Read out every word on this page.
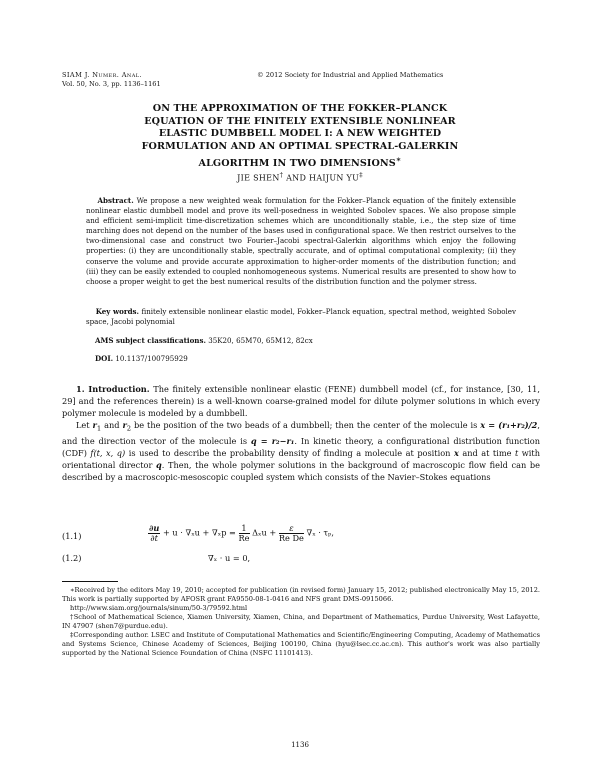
SIAM J. Numer. Anal.
Vol. 50, No. 3, pp. 1136–1161
© 2012 Society for Industrial and Applied Mathematics
ON THE APPROXIMATION OF THE FOKKER–PLANCK
EQUATION OF THE FINITELY EXTENSIBLE NONLINEAR
ELASTIC DUMBBELL MODEL I: A NEW WEIGHTED
FORMULATION AND AN OPTIMAL SPECTRAL-GALERKIN
ALGORITHM IN TWO DIMENSIONS∗
JIE SHEN† AND HAIJUN YU‡
Abstract. We propose a new weighted weak formulation for the Fokker–Planck equation of the finitely extensible nonlinear elastic dumbbell model and prove its well-posedness in weighted Sobolev spaces. We also propose simple and efficient semi-implicit time-discretization schemes which are unconditionally stable, i.e., the step size of time marching does not depend on the number of the bases used in configurational space. We then restrict ourselves to the two-dimensional case and construct two Fourier–Jacobi spectral-Galerkin algorithms which enjoy the following properties: (i) they are unconditionally stable, spectrally accurate, and of optimal computational complexity; (ii) they conserve the volume and provide accurate approximation to higher-order moments of the distribution function; and (iii) they can be easily extended to coupled nonhomogeneous systems. Numerical results are presented to show how to choose a proper weight to get the best numerical results of the distribution function and the polymer stress.
Key words. finitely extensible nonlinear elastic model, Fokker–Planck equation, spectral method, weighted Sobolev space, Jacobi polynomial
AMS subject classifications. 35K20, 65M70, 65M12, 82cx
DOI. 10.1137/100795929

1. Introduction. The finitely extensible nonlinear elastic (FENE) dumbbell model (cf., for instance, [30, 11, 29] and the references therein) is a well-known coarse-grained model for dilute polymer solutions in which every polymer molecule is modeled by a dumbbell.

Let $r_1$ and $r_2$ be the position of the two beads of a dumbbell; then the center of the molecule is x = (r₁+r₂)/2, and the direction vector of the molecule is q = r₂−r₁. In kinetic theory, a configurational distribution function (CDF) f(t, x, q) is used to describe the probability density of finding a molecule at position x and at time t with orientational director q. Then, the whole polymer solutions in the background of macroscopic flow field can be described by a macroscopic-mesoscopic coupled system which consists of the Navier–Stokes equations

(1.1)	$\frac{\partial u}{\partial t} + u \cdot \nabla_xu + \nabla_xp = \frac{1}{Re}$ $\Delta_xu + \frac{\varepsilon}{\text{Re De}} \nabla_x \cdot \tau_p$,
(1.2)	∇ₓ · u = 0,

∗Received by the editors May 19, 2010; accepted for publication (in revised form) January 15, 2012; published electronically May 15, 2012. This work is partially supported by AFOSR grant FA9550-08-1-0416 and NFS grant DMS-0915066.

http://www.siam.org/journals/sinum/50-3/79592.html

†School of Mathematical Science, Xiamen University, Xiamen, China, and Department of Mathematics, Purdue University, West Lafayette, IN 47907 (shen7@purdue.edu).

‡Corresponding author. LSEC and Institute of Computational Mathematics and Scientific/Engineering Computing, Academy of Mathematics and Systems Science, Chinese Academy of Sciences, Beijing 100190, China (hyu@lsec.cc.ac.cn). This author's work was also partially supported by the National Science Foundation of China (NSFC 11101413).

1136
